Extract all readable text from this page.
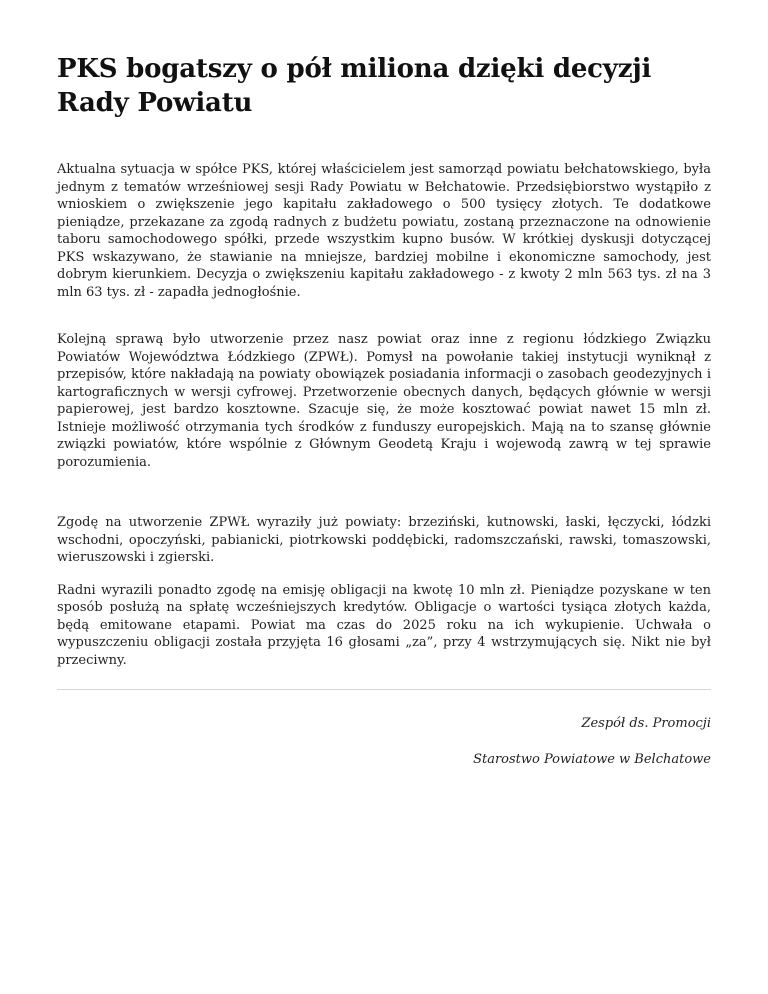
PKS bogatszy o pół miliona dzięki decyzji Rady Powiatu

Aktualna sytuacja w spółce PKS, której właścicielem jest samorząd powiatu bełchatowskiego, była jednym z tematów wrześniowej sesji Rady Powiatu w Bełchatowie. Przedsiębiorstwo wystąpiło z wnioskiem o zwiększenie jego kapitału zakładowego o 500 tysięcy złotych. Te dodatkowe pieniądze, przekazane za zgodą radnych z budżetu powiatu, zostaną przeznaczone na odnowienie taboru samochodowego spółki, przede wszystkim kupno busów. W krótkiej dyskusji dotyczącej PKS wskazywano, że stawianie na mniejsze, bardziej mobilne i ekonomiczne samochody, jest dobrym kierunkiem. Decyzja o zwiększeniu kapitału zakładowego - z kwoty 2 mln 563 tys. zł na 3 mln 63 tys. zł - zapadła jednogłośnie.

Kolejną sprawą było utworzenie przez nasz powiat oraz inne z regionu łódzkiego Związku Powiatów Województwa Łódzkiego (ZPWŁ). Pomysł na powołanie takiej instytucji wyniknął z przepisów, które nakładają na powiaty obowiązek posiadania informacji o zasobach geodezyjnych i kartograficznych w wersji cyfrowej. Przetworzenie obecnych danych, będących głównie w wersji papierowej, jest bardzo kosztowne. Szacuje się, że może kosztować powiat nawet 15 mln zł. Istnieje możliwość otrzymania tych środków z funduszy europejskich. Mają na to szansę głównie związki powiatów, które wspólnie z Głównym Geodetą Kraju i wojewodą zawrą w tej sprawie porozumienia.

Zgodę na utworzenie ZPWŁ wyraziły już powiaty: brzeziński, kutnowski, łaski, łęczycki, łódzki wschodni, opoczyński, pabianicki, piotrkowski poddębicki, radomszczański, rawski, tomaszowski, wieruszowski i zgierski.

Radni wyrazili ponadto zgodę na emisję obligacji na kwotę 10 mln zł. Pieniądze pozyskane w ten sposób posłużą na spłatę wcześniejszych kredytów. Obligacje o wartości tysiąca złotych każda, będą emitowane etapami. Powiat ma czas do 2025 roku na ich wykupienie. Uchwała o wypuszczeniu obligacji została przyjęta 16 głosami „za”, przy 4 wstrzymujących się. Nikt nie był przeciwny.

Zespół ds. Promocji

Starostwo Powiatowe w Belchatowe
